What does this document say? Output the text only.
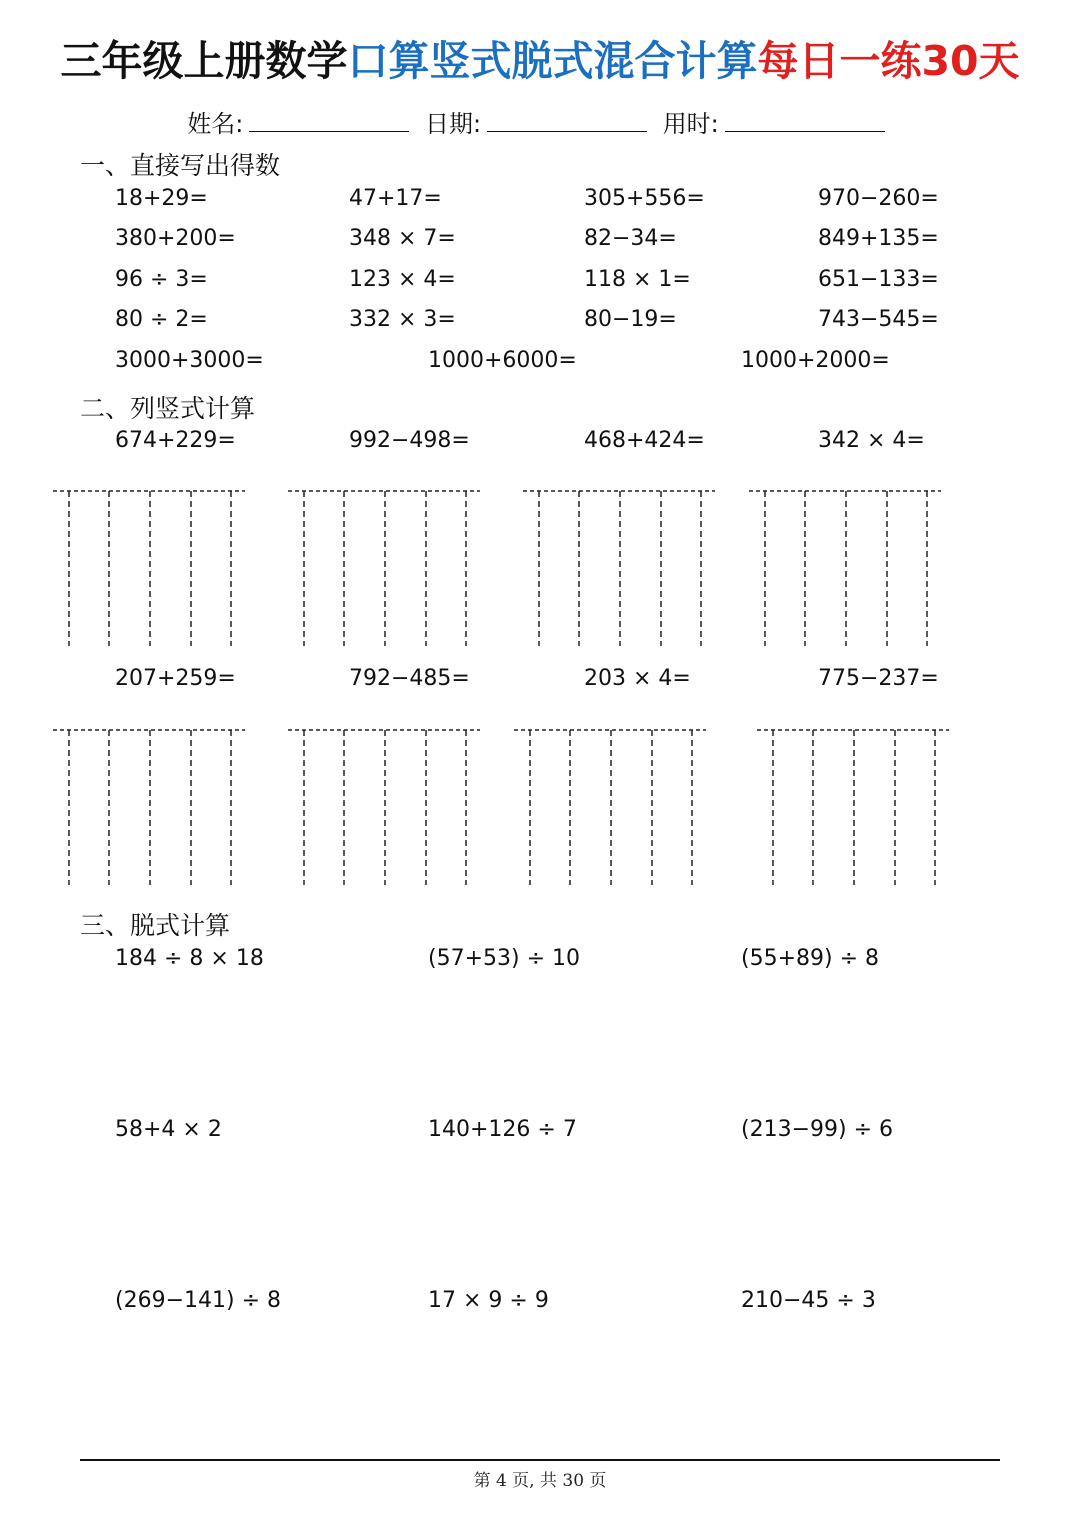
三年级上册数学口算竖式脱式混合计算每日一练30天
姓名:	日期:	用时:
一、直接写出得数
18+29=	47+17=	305+556=	970−260=
380+200=	348 × 7=	82−34=	849+135=
96 ÷ 3=	123 × 4=	118 × 1=	651−133=
80 ÷ 2=	332 × 3=	80−19=	743−545=
3000+3000=	1000+6000=	1000+2000=
二、列竖式计算
674+229=	992−498=	468+424=	342 × 4=
207+259=	792−485=	203 × 4=	775−237=
三、脱式计算
184 ÷ 8 × 18	(57+53) ÷ 10	(55+89) ÷ 8
58+4 × 2	140+126 ÷ 7	(213−99) ÷ 6
(269−141) ÷ 8	17 × 9 ÷ 9	210−45 ÷ 3
第 4 页, 共 30 页
